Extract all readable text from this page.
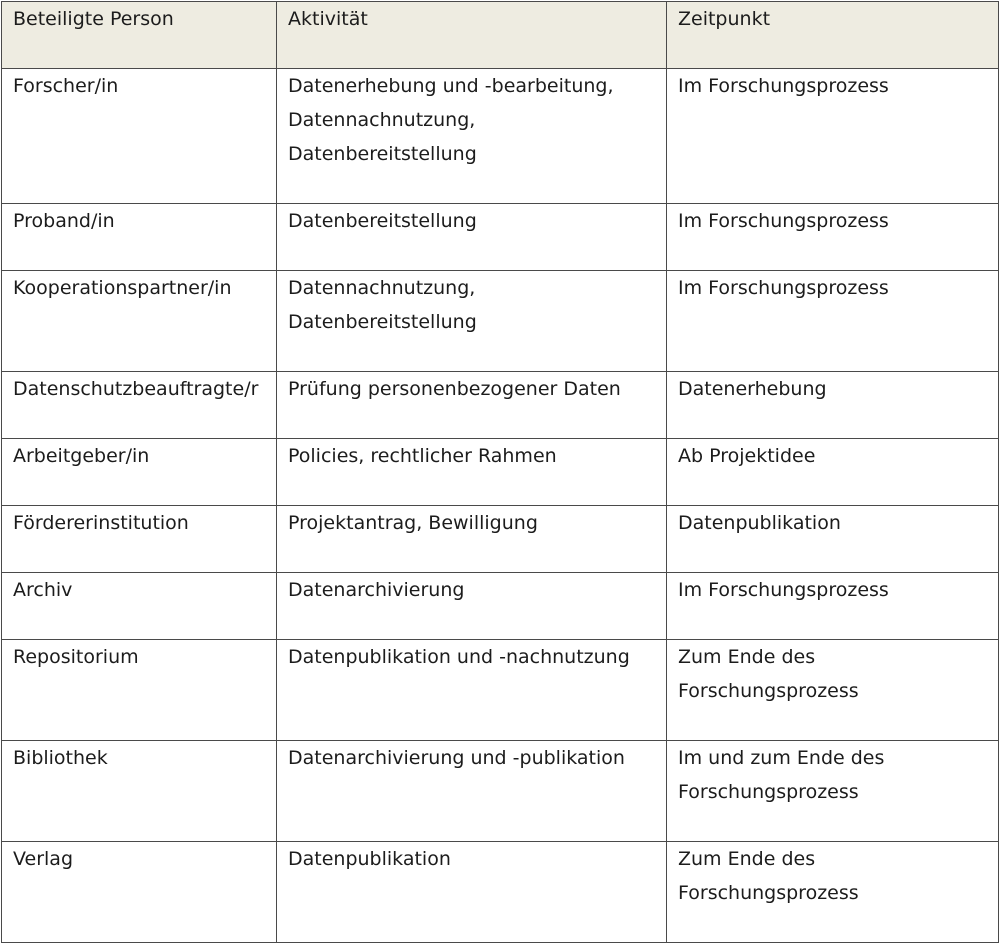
Beteiligte Person	Aktivität	Zeitpunkt

Forscher/in	Datenerhebung und -bearbeitung,
Datennachnutzung,
Datenbereitstellung	Im Forschungsprozess

Proband/in	Datenbereitstellung	Im Forschungsprozess

Kooperationspartner/in	Datennachnutzung,
Datenbereitstellung	Im Forschungsprozess

Datenschutzbeauftragte/r	Prüfung personenbezogener Daten	Datenerhebung

Arbeitgeber/in	Policies, rechtlicher Rahmen	Ab Projektidee

Fördererinstitution	Projektantrag, Bewilligung	Datenpublikation

Archiv	Datenarchivierung	Im Forschungsprozess

Repositorium	Datenpublikation und -nachnutzung	Zum Ende des
Forschungsprozess

Bibliothek	Datenarchivierung und -publikation	Im und zum Ende des
Forschungsprozess

Verlag	Datenpublikation	Zum Ende des
Forschungsprozess
